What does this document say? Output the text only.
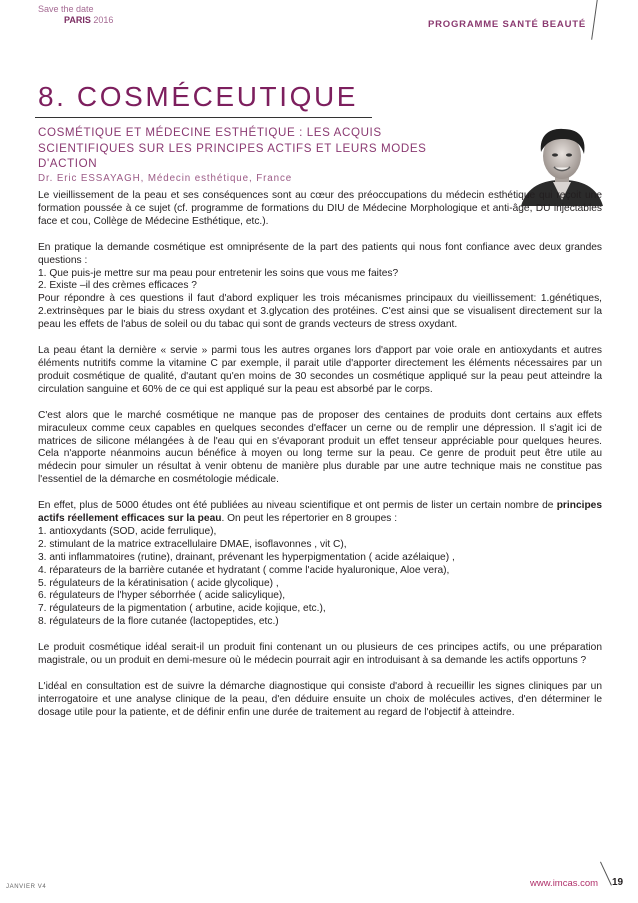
Save the date
PARIS 2016	PROGRAMME SANTÉ BEAUTÉ
8. COSMÉCEUTIQUE
COSMÉTIQUE ET MÉDECINE ESTHÉTIQUE : LES ACQUIS
SCIENTIFIQUES SUR LES PRINCIPES ACTIFS ET LEURS MODES
D'ACTION
Dr. Eric ESSAYAGH, Médecin esthétique, France

Le vieillissement de la peau et ses conséquences sont au cœur des préoccupations du médecin esthétique qui reçoit une formation poussée à ce sujet (cf. programme de formations du DIU de Médecine Morphologique et anti-âge, DU injectables face et cou, Collège de Médecine Esthétique, etc.).

En pratique la demande cosmétique est omniprésente de la part des patients qui nous font confiance avec deux grandes questions :
1. Que puis-je mettre sur ma peau pour entretenir les soins que vous me faites?
2. Existe –il des crèmes efficaces ?
Pour répondre à ces questions il faut d'abord expliquer les trois mécanismes principaux du vieillissement: 1.génétiques, 2.extrinsèques par le biais du stress oxydant et 3.glycation des protéines. C'est ainsi que se visualisent directement sur la peau les effets de l'abus de soleil ou du tabac qui sont de grands vecteurs de stress oxydant.

La peau étant la dernière « servie » parmi tous les autres organes lors d'apport par voie orale en antioxydants et autres éléments nutritifs comme la vitamine C par exemple, il parait utile d'apporter directement les éléments nécessaires par un produit cosmétique de qualité, d'autant qu'en moins de 30 secondes un cosmétique appliqué sur la peau peut atteindre la circulation sanguine et 60% de ce qui est appliqué sur la peau est absorbé par le corps.

C'est alors que le marché cosmétique ne manque pas de proposer des centaines de produits dont certains aux effets miraculeux comme ceux capables en quelques secondes d'effacer un cerne ou de remplir une dépression. Il s'agit ici de matrices de silicone mélangées à de l'eau qui en s'évaporant produit un effet tenseur appréciable pour quelques heures. Cela n'apporte néanmoins aucun bénéfice à moyen ou long terme sur la peau. Ce genre de produit peut être utile au médecin pour simuler un résultat à venir obtenu de manière plus durable par une autre technique mais ne constitue pas l'essentiel de la démarche en cosmétologie médicale.

En effet, plus de 5000 études ont été publiées au niveau scientifique et ont permis de lister un certain nombre de principes actifs réellement efficaces sur la peau. On peut les répertorier en 8 groupes :
1. antioxydants (SOD, acide ferrulique),
2. stimulant de la matrice extracellulaire DMAE, isoflavonnes , vit C),
3. anti inflammatoires (rutine), drainant, prévenant les hyperpigmentation ( acide azélaique) ,
4. réparateurs de la barrière cutanée et hydratant ( comme l'acide hyaluronique, Aloe vera),
5. régulateurs de la kératinisation ( acide glycolique) ,
6. régulateurs de l'hyper séborrhée ( acide salicylique),
7. régulateurs de la pigmentation ( arbutine, acide kojique, etc.),
8. régulateurs de la flore cutanée (lactopeptides, etc.)

Le produit cosmétique idéal serait-il un produit fini contenant un ou plusieurs de ces principes actifs, ou une préparation magistrale, ou un produit en demi-mesure où le médecin pourrait agir en introduisant à sa demande les actifs opportuns ?

L'idéal en consultation est de suivre la démarche diagnostique qui consiste d'abord à recueillir les signes cliniques par un interrogatoire et une analyse clinique de la peau, d'en déduire ensuite un choix de molécules actives, d'en déterminer le dosage utile pour la patiente, et de définir enfin une durée de traitement au regard de l'objectif à atteindre.

JANVIER V4	www.imcas.com 19
